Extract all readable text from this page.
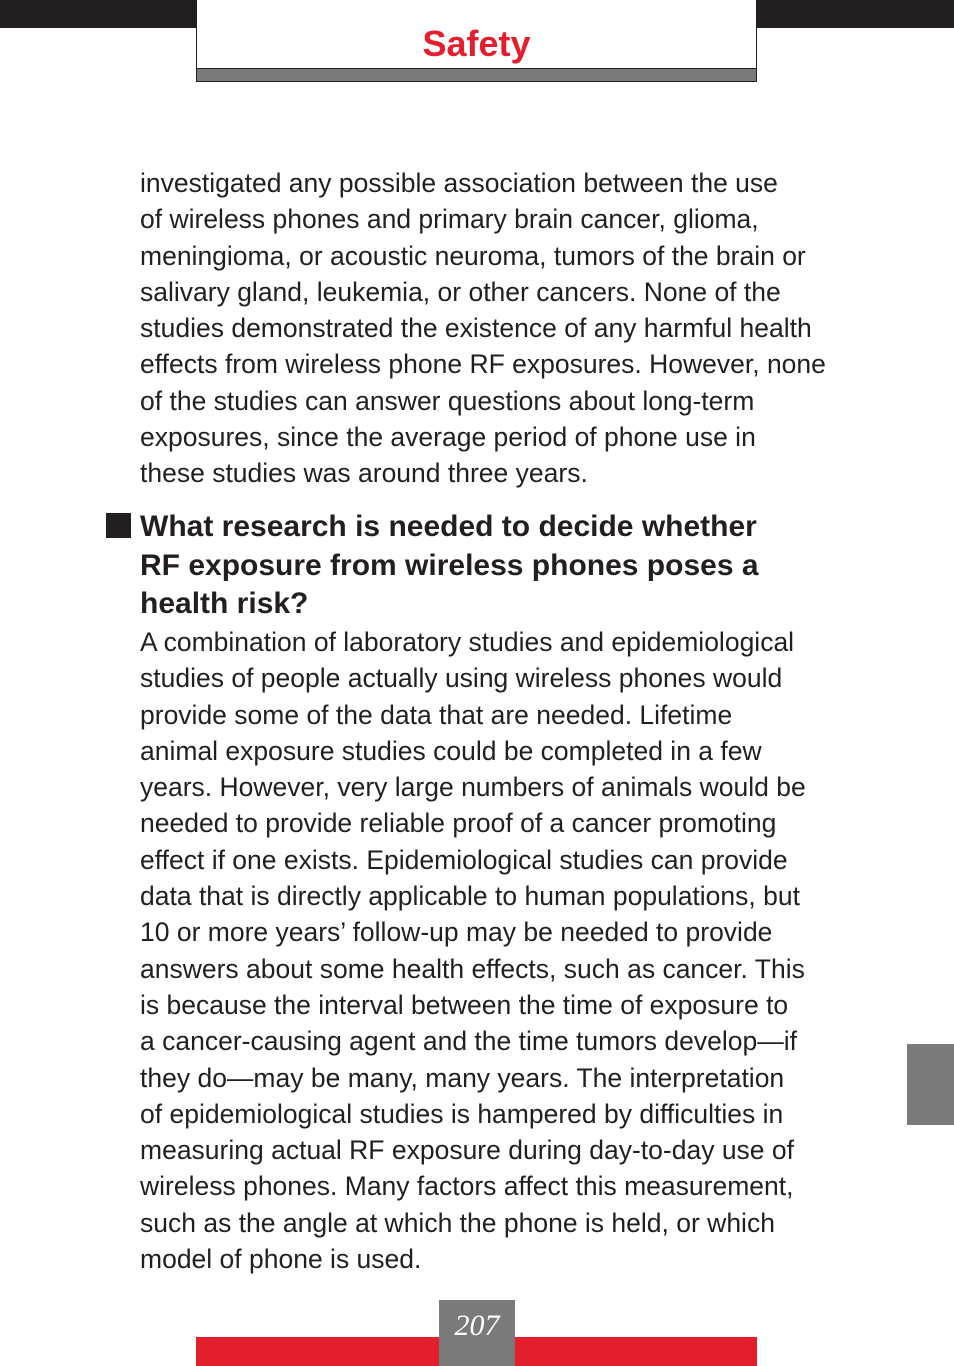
Safety

investigated any possible association between the use
of wireless phones and primary brain cancer, glioma,
meningioma, or acoustic neuroma, tumors of the brain or
salivary gland, leukemia, or other cancers. None of the
studies demonstrated the existence of any harmful health
effects from wireless phone RF exposures. However, none
of the studies can answer questions about long-term
exposures, since the average period of phone use in
these studies was around three years.

What research is needed to decide whether
RF exposure from wireless phones poses a
health risk?

A combination of laboratory studies and epidemiological
studies of people actually using wireless phones would
provide some of the data that are needed. Lifetime
animal exposure studies could be completed in a few
years. However, very large numbers of animals would be
needed to provide reliable proof of a cancer promoting
effect if one exists. Epidemiological studies can provide
data that is directly applicable to human populations, but
10 or more years’ follow-up may be needed to provide
answers about some health effects, such as cancer. This
is because the interval between the time of exposure to
a cancer-causing agent and the time tumors develop—if
they do—may be many, many years. The interpretation
of epidemiological studies is hampered by difficulties in
measuring actual RF exposure during day-to-day use of
wireless phones. Many factors affect this measurement,
such as the angle at which the phone is held, or which
model of phone is used.

207
